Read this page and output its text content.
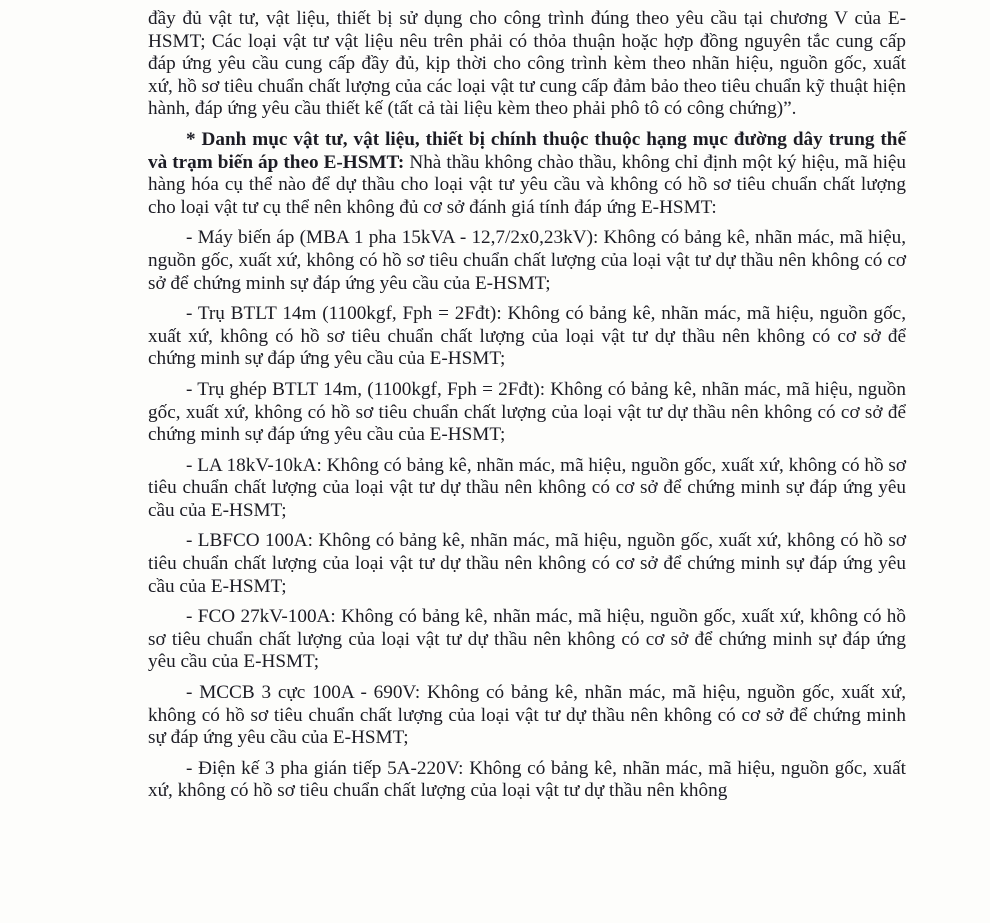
đầy đủ vật tư, vật liệu, thiết bị sử dụng cho công trình đúng theo yêu cầu tại chương V của E-HSMT; Các loại vật tư vật liệu nêu trên phải có thỏa thuận hoặc hợp đồng nguyên tắc cung cấp đáp ứng yêu cầu cung cấp đầy đủ, kịp thời cho công trình kèm theo nhãn hiệu, nguồn gốc, xuất xứ, hồ sơ tiêu chuẩn chất lượng của các loại vật tư cung cấp đảm bảo theo tiêu chuẩn kỹ thuật hiện hành, đáp ứng yêu cầu thiết kế (tất cả tài liệu kèm theo phải phô tô có công chứng)”.

* Danh mục vật tư, vật liệu, thiết bị chính thuộc thuộc hạng mục đường dây trung thế và trạm biến áp theo E-HSMT: Nhà thầu không chào thầu, không chỉ định một ký hiệu, mã hiệu hàng hóa cụ thể nào để dự thầu cho loại vật tư yêu cầu và không có hồ sơ tiêu chuẩn chất lượng cho loại vật tư cụ thể nên không đủ cơ sở đánh giá tính đáp ứng E-HSMT:

- Máy biến áp (MBA 1 pha 15kVA - 12,7/2x0,23kV): Không có bảng kê, nhãn mác, mã hiệu, nguồn gốc, xuất xứ, không có hồ sơ tiêu chuẩn chất lượng của loại vật tư dự thầu nên không có cơ sở để chứng minh sự đáp ứng yêu cầu của E-HSMT;

- Trụ BTLT 14m (1100kgf, Fph = 2Fđt): Không có bảng kê, nhãn mác, mã hiệu, nguồn gốc, xuất xứ, không có hồ sơ tiêu chuẩn chất lượng của loại vật tư dự thầu nên không có cơ sở để chứng minh sự đáp ứng yêu cầu của E-HSMT;

- Trụ ghép BTLT 14m, (1100kgf, Fph = 2Fđt): Không có bảng kê, nhãn mác, mã hiệu, nguồn gốc, xuất xứ, không có hồ sơ tiêu chuẩn chất lượng của loại vật tư dự thầu nên không có cơ sở để chứng minh sự đáp ứng yêu cầu của E-HSMT;

- LA 18kV-10kA: Không có bảng kê, nhãn mác, mã hiệu, nguồn gốc, xuất xứ, không có hồ sơ tiêu chuẩn chất lượng của loại vật tư dự thầu nên không có cơ sở để chứng minh sự đáp ứng yêu cầu của E-HSMT;

- LBFCO 100A: Không có bảng kê, nhãn mác, mã hiệu, nguồn gốc, xuất xứ, không có hồ sơ tiêu chuẩn chất lượng của loại vật tư dự thầu nên không có cơ sở để chứng minh sự đáp ứng yêu cầu của E-HSMT;

- FCO 27kV-100A: Không có bảng kê, nhãn mác, mã hiệu, nguồn gốc, xuất xứ, không có hồ sơ tiêu chuẩn chất lượng của loại vật tư dự thầu nên không có cơ sở để chứng minh sự đáp ứng yêu cầu của E-HSMT;

- MCCB 3 cực 100A - 690V: Không có bảng kê, nhãn mác, mã hiệu, nguồn gốc, xuất xứ, không có hồ sơ tiêu chuẩn chất lượng của loại vật tư dự thầu nên không có cơ sở để chứng minh sự đáp ứng yêu cầu của E-HSMT;

- Điện kế 3 pha gián tiếp 5A-220V: Không có bảng kê, nhãn mác, mã hiệu, nguồn gốc, xuất xứ, không có hồ sơ tiêu chuẩn chất lượng của loại vật tư dự thầu nên không
